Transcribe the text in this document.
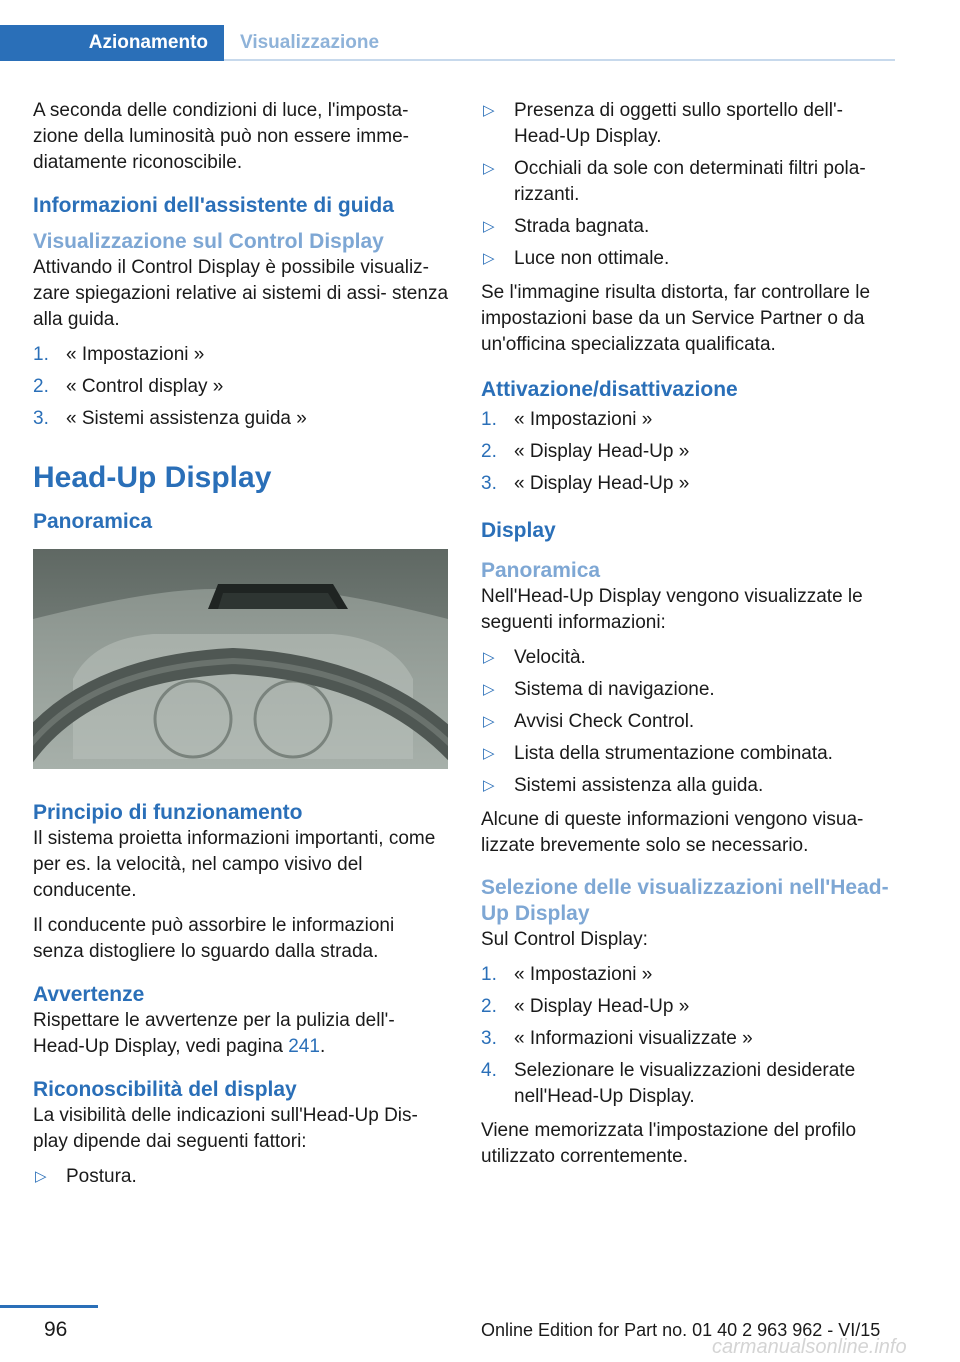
Azionamento	Visualizzazione

A seconda delle condizioni di luce, l'imposta- zione della luminosità può non essere imme- diatamente riconoscibile.

Informazioni dell'assistente di guida
Visualizzazione sul Control Display

Attivando il Control Display è possibile visualiz- zare spiegazioni relative ai sistemi di assi- stenza alla guida.

1. « Impostazioni »
2. « Control display »
3. « Sistemi assistenza guida »
Head-Up Display
Panoramica
Principio di funzionamento

Il sistema proietta informazioni importanti, come per es. la velocità, nel campo visivo del conducente.

Il conducente può assorbire le informazioni senza distogliere lo sguardo dalla strada.

Avvertenze

Rispettare le avvertenze per la pulizia dell'- Head-Up Display, vedi pagina 241.

Riconoscibilità del display

La visibilità delle indicazioni sull'Head-Up Dis- play dipende dai seguenti fattori:

▷ Postura.
▷ Presenza di oggetti sullo sportello dell'- Head-Up Display.
▷ Occhiali da sole con determinati filtri pola- rizzanti.
▷ Strada bagnata.
▷ Luce non ottimale.

Se l'immagine risulta distorta, far controllare le impostazioni base da un Service Partner o da un'officina specializzata qualificata.

Attivazione/disattivazione
1. « Impostazioni »
2. « Display Head-Up »
3. « Display Head-Up »
Display
Panoramica

Nell'Head-Up Display vengono visualizzate le seguenti informazioni:

▷ Velocità.
▷ Sistema di navigazione.
▷ Avvisi Check Control.
▷ Lista della strumentazione combinata.
▷ Sistemi assistenza alla guida.

Alcune di queste informazioni vengono visua- lizzate brevemente solo se necessario.

Selezione delle visualizzazioni nell'Head-Up Display

Sul Control Display:

1. « Impostazioni »
2. « Display Head-Up »
3. « Informazioni visualizzate »
4. Selezionare le visualizzazioni desiderate nell'Head-Up Display.

Viene memorizzata l'impostazione del profilo utilizzato correntemente.

96	Online Edition for Part no. 01 40 2 963 962 - VI/15
carmanualsonline.info
